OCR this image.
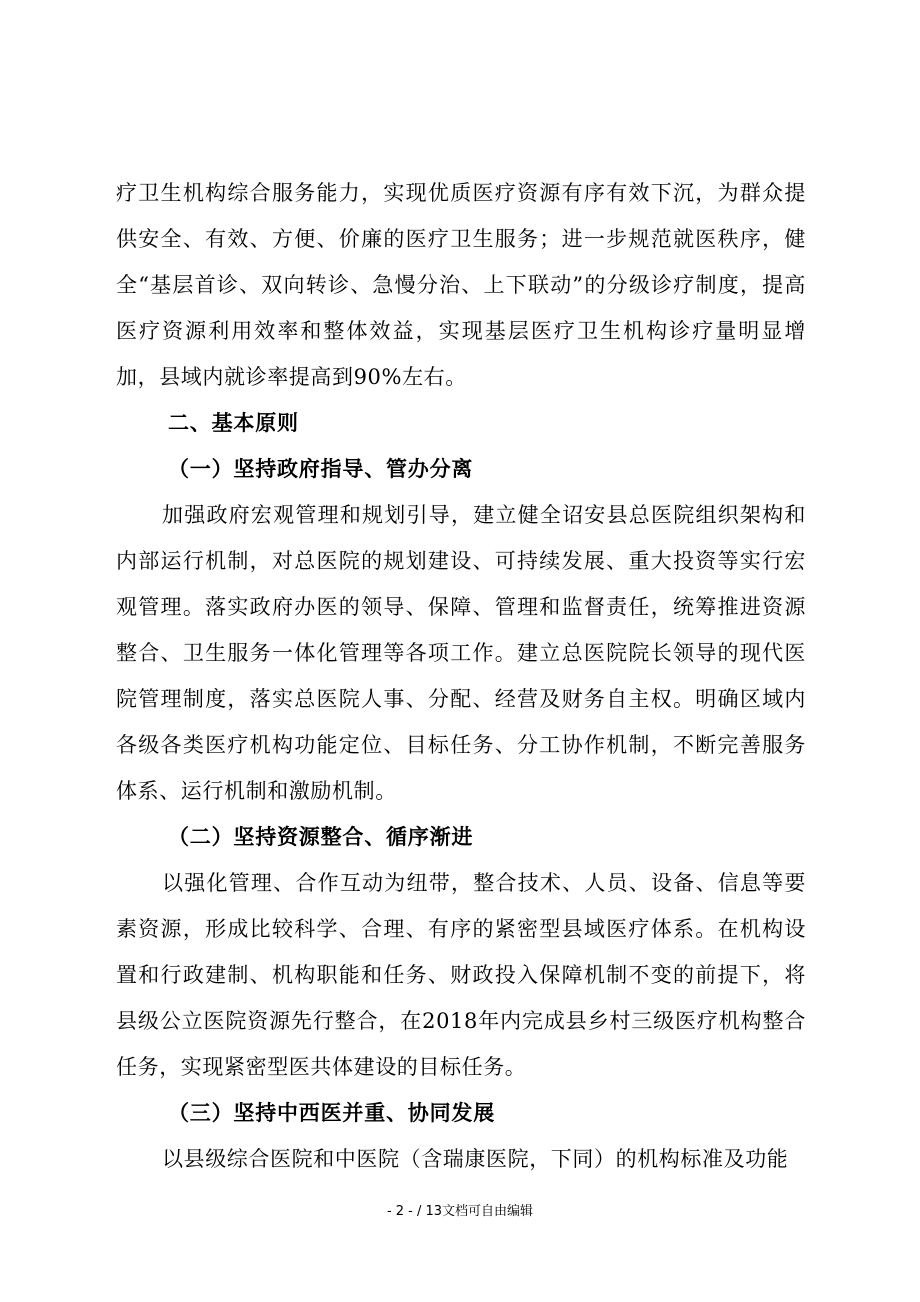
疗卫生机构综合服务能力，实现优质医疗资源有序有效下沉，为群众提供安全、有效、方便、价廉的医疗卫生服务；进一步规范就医秩序，健全“基层首诊、双向转诊、急慢分治、上下联动”的分级诊疗制度，提高医疗资源利用效率和整体效益，实现基层医疗卫生机构诊疗量明显增加，县域内就诊率提高到90%左右。

二、基本原则

（一）坚持政府指导、管办分离

加强政府宏观管理和规划引导，建立健全诏安县总医院组织架构和内部运行机制，对总医院的规划建设、可持续发展、重大投资等实行宏观管理。落实政府办医的领导、保障、管理和监督责任，统筹推进资源整合、卫生服务一体化管理等各项工作。建立总医院院长领导的现代医院管理制度，落实总医院人事、分配、经营及财务自主权。明确区域内各级各类医疗机构功能定位、目标任务、分工协作机制，不断完善服务体系、运行机制和激励机制。

（二）坚持资源整合、循序渐进

以强化管理、合作互动为纽带，整合技术、人员、设备、信息等要素资源，形成比较科学、合理、有序的紧密型县域医疗体系。在机构设置和行政建制、机构职能和任务、财政投入保障机制不变的前提下，将县级公立医院资源先行整合，在2018年内完成县乡村三级医疗机构整合任务，实现紧密型医共体建设的目标任务。

（三）坚持中西医并重、协同发展

以县级综合医院和中医院（含瑞康医院，下同）的机构标准及功能

- 2 - / 13文档可自由编辑
